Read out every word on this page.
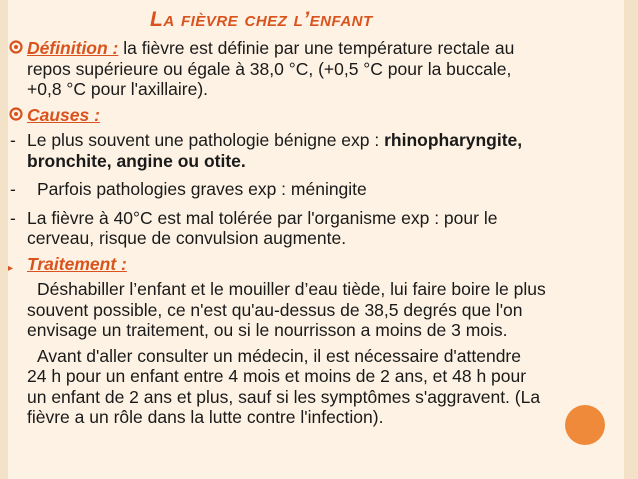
La fièvre chez l’enfant
Définition : la fièvre est définie par une température rectale au
repos supérieure ou égale à 38,0 °C, (+0,5 °C pour la buccale,
+0,8 °C pour l'axillaire).
Causes :
- Le plus souvent une pathologie bénigne exp : rhinopharyngite,
bronchite, angine ou otite.
- Parfois pathologies graves exp : méningite
- La fièvre à 40°C est mal tolérée par l'organisme exp : pour le
cerveau, risque de convulsion augmente.
▸ Traitement :
Déshabiller l’enfant et le mouiller d’eau tiède, lui faire boire le plus
souvent possible, ce n'est qu'au-dessus de 38,5 degrés que l'on
envisage un traitement, ou si le nourrisson a moins de 3 mois.
Avant d'aller consulter un médecin, il est nécessaire d'attendre
24 h pour un enfant entre 4 mois et moins de 2 ans, et 48 h pour
un enfant de 2 ans et plus, sauf si les symptômes s'aggravent. (La
fièvre a un rôle dans la lutte contre l'infection).
